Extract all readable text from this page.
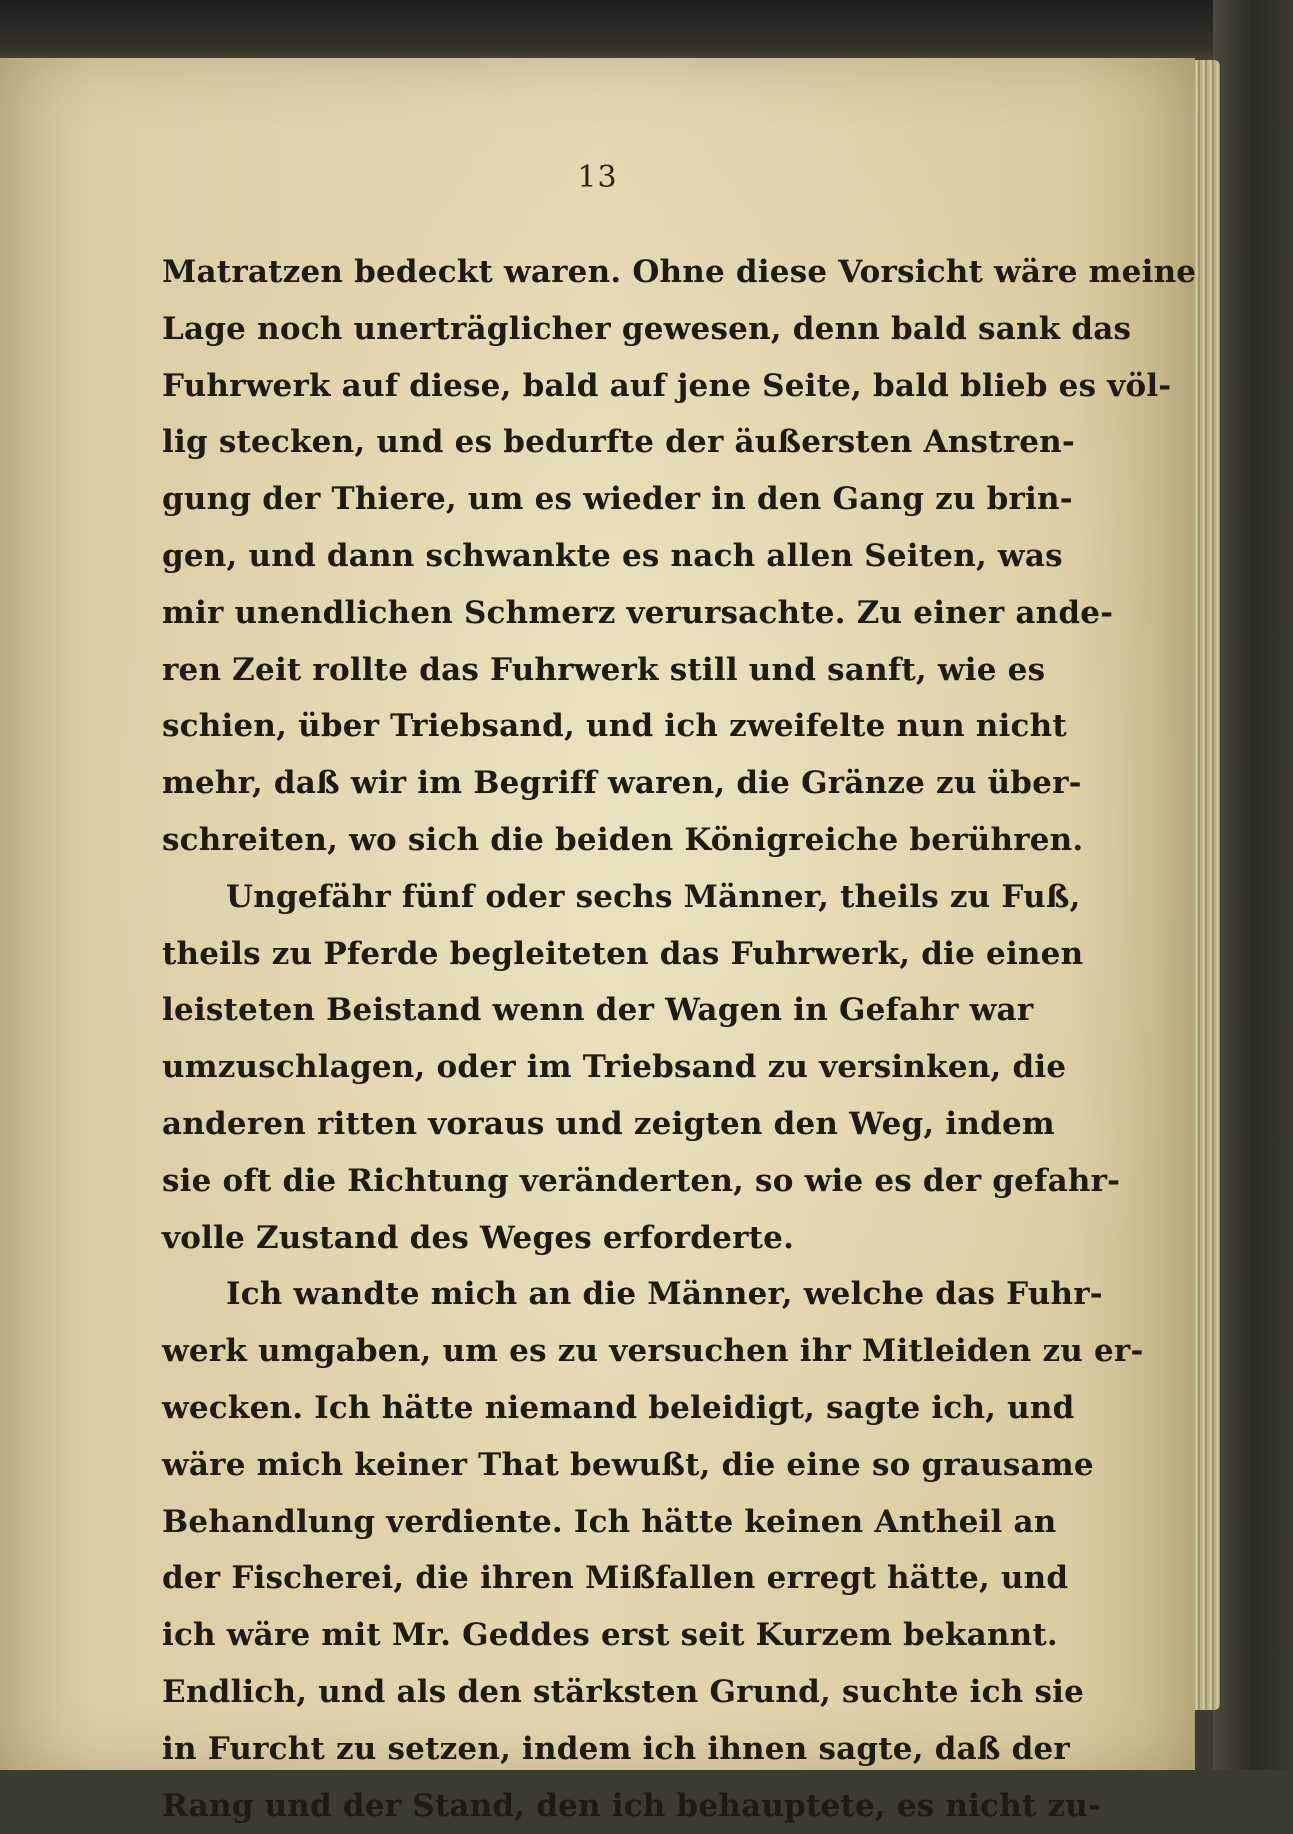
13
Matratzen bedeckt waren. Ohne diese Vorsicht wäre meine
Lage noch unerträglicher gewesen, denn bald sank das
Fuhrwerk auf diese, bald auf jene Seite, bald blieb es völ-
lig stecken, und es bedurfte der äußersten Anstren-
gung der Thiere, um es wieder in den Gang zu brin-
gen, und dann schwankte es nach allen Seiten, was
mir unendlichen Schmerz verursachte. Zu einer ande-
ren Zeit rollte das Fuhrwerk still und sanft, wie es
schien, über Triebsand, und ich zweifelte nun nicht
mehr, daß wir im Begriff waren, die Gränze zu über-
schreiten, wo sich die beiden Königreiche berühren.
Ungefähr fünf oder sechs Männer, theils zu Fuß,
theils zu Pferde begleiteten das Fuhrwerk, die einen
leisteten Beistand wenn der Wagen in Gefahr war
umzuschlagen, oder im Triebsand zu versinken, die
anderen ritten voraus und zeigten den Weg, indem
sie oft die Richtung veränderten, so wie es der gefahr-
volle Zustand des Weges erforderte.
Ich wandte mich an die Männer, welche das Fuhr-
werk umgaben, um es zu versuchen ihr Mitleiden zu er-
wecken. Ich hätte niemand beleidigt, sagte ich, und
wäre mich keiner That bewußt, die eine so grausame
Behandlung verdiente. Ich hätte keinen Antheil an
der Fischerei, die ihren Mißfallen erregt hätte, und
ich wäre mit Mr. Geddes erst seit Kurzem bekannt.
Endlich, und als den stärksten Grund, suchte ich sie
in Furcht zu setzen, indem ich ihnen sagte, daß der
Rang und der Stand, den ich behauptete, es nicht zu-
